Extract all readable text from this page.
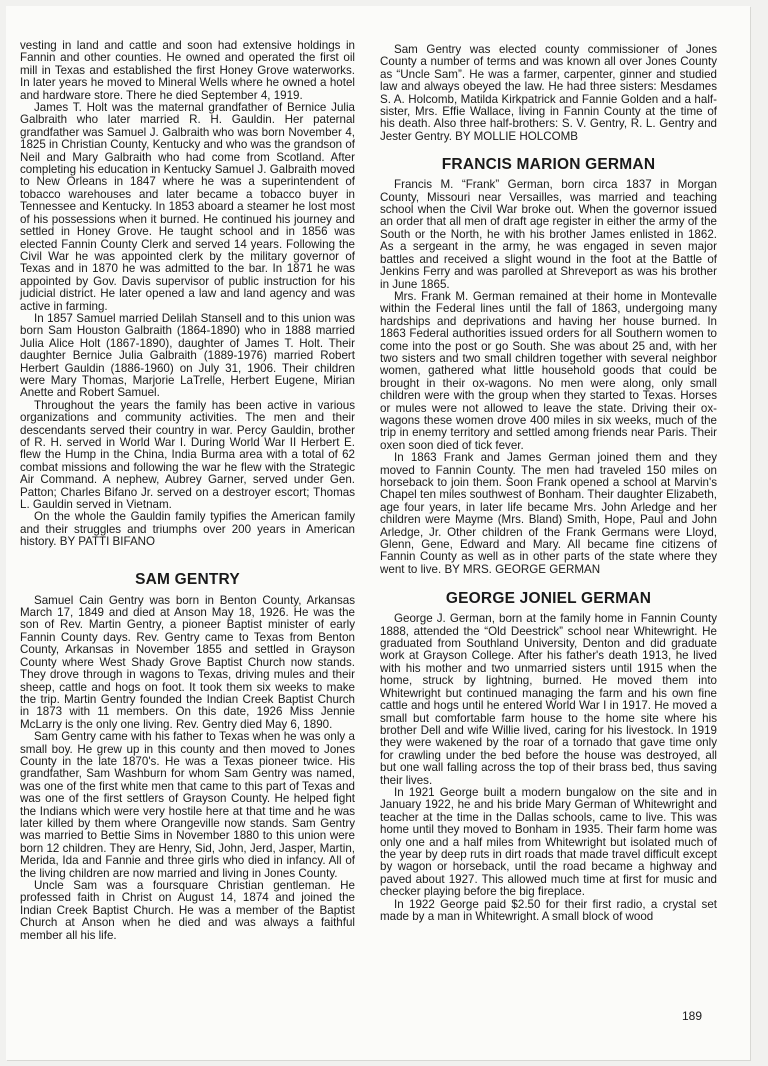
vesting in land and cattle and soon had extensive holdings in Fannin and other counties. He owned and operated the first oil mill in Texas and established the first Honey Grove waterworks. In later years he moved to Mineral Wells where he owned a hotel and hardware store. There he died September 4, 1919.

James T. Holt was the maternal grandfather of Bernice Julia Galbraith who later married R. H. Gauldin. Her paternal grandfather was Samuel J. Galbraith who was born November 4, 1825 in Christian County, Kentucky and who was the grandson of Neil and Mary Galbraith who had come from Scotland. After completing his education in Kentucky Samuel J. Galbraith moved to New Orleans in 1847 where he was a superintendent of tobacco warehouses and later became a tobacco buyer in Tennessee and Kentucky. In 1853 aboard a steamer he lost most of his possessions when it burned. He continued his journey and settled in Honey Grove. He taught school and in 1856 was elected Fannin County Clerk and served 14 years. Following the Civil War he was appointed clerk by the military governor of Texas and in 1870 he was admitted to the bar. In 1871 he was appointed by Gov. Davis supervisor of public instruction for his judicial district. He later opened a law and land agency and was active in farming.

In 1857 Samuel married Delilah Stansell and to this union was born Sam Houston Galbraith (1864-1890) who in 1888 married Julia Alice Holt (1867-1890), daughter of James T. Holt. Their daughter Bernice Julia Galbraith (1889-1976) married Robert Herbert Gauldin (1886-1960) on July 31, 1906. Their children were Mary Thomas, Marjorie LaTrelle, Herbert Eugene, Mirian Anette and Robert Samuel.

Throughout the years the family has been active in various organizations and community activities. The men and their descendants served their country in war. Percy Gauldin, brother of R. H. served in World War I. During World War II Herbert E. flew the Hump in the China, India Burma area with a total of 62 combat missions and following the war he flew with the Strategic Air Command. A nephew, Aubrey Garner, served under Gen. Patton; Charles Bifano Jr. served on a destroyer escort; Thomas L. Gauldin served in Vietnam.

On the whole the Gauldin family typifies the American family and their struggles and triumphs over 200 years in American history. BY PATTI BIFANO

SAM GENTRY

Samuel Cain Gentry was born in Benton County, Arkansas March 17, 1849 and died at Anson May 18, 1926. He was the son of Rev. Martin Gentry, a pioneer Baptist minister of early Fannin County days. Rev. Gentry came to Texas from Benton County, Arkansas in November 1855 and settled in Grayson County where West Shady Grove Baptist Church now stands. They drove through in wagons to Texas, driving mules and their sheep, cattle and hogs on foot. It took them six weeks to make the trip. Martin Gentry founded the Indian Creek Baptist Church in 1873 with 11 members. On this date, 1926 Miss Jennie McLarry is the only one living. Rev. Gentry died May 6, 1890.

Sam Gentry came with his father to Texas when he was only a small boy. He grew up in this county and then moved to Jones County in the late 1870's. He was a Texas pioneer twice. His grandfather, Sam Washburn for whom Sam Gentry was named, was one of the first white men that came to this part of Texas and was one of the first settlers of Grayson County. He helped fight the Indians which were very hostile here at that time and he was later killed by them where Orangeville now stands. Sam Gentry was married to Bettie Sims in November 1880 to this union were born 12 children. They are Henry, Sid, John, Jerd, Jasper, Martin, Merida, Ida and Fannie and three girls who died in infancy. All of the living children are now married and living in Jones County.

Uncle Sam was a foursquare Christian gentleman. He professed faith in Christ on August 14, 1874 and joined the Indian Creek Baptist Church. He was a member of the Baptist Church at Anson when he died and was always a faithful member all his life.

Sam Gentry was elected county commissioner of Jones County a number of terms and was known all over Jones County as “Uncle Sam”. He was a farmer, carpenter, ginner and studied law and always obeyed the law. He had three sisters: Mesdames S. A. Holcomb, Matilda Kirkpatrick and Fannie Golden and a half-sister, Mrs. Effie Wallace, living in Fannin County at the time of his death. Also three half-brothers: S. V. Gentry, R. L. Gentry and Jester Gentry. BY MOLLIE HOLCOMB

FRANCIS MARION GERMAN

Francis M. “Frank” German, born circa 1837 in Morgan County, Missouri near Versailles, was married and teaching school when the Civil War broke out. When the governor issued an order that all men of draft age register in either the army of the South or the North, he with his brother James enlisted in 1862. As a sergeant in the army, he was engaged in seven major battles and received a slight wound in the foot at the Battle of Jenkins Ferry and was parolled at Shreveport as was his brother in June 1865.

Mrs. Frank M. German remained at their home in Montevalle within the Federal lines until the fall of 1863, undergoing many hardships and deprivations and having her house burned. In 1863 Federal authorities issued orders for all Southern women to come into the post or go South. She was about 25 and, with her two sisters and two small children together with several neighbor women, gathered what little household goods that could be brought in their ox-wagons. No men were along, only small children were with the group when they started to Texas. Horses or mules were not allowed to leave the state. Driving their ox-wagons these women drove 400 miles in six weeks, much of the trip in enemy territory and settled among friends near Paris. Their oxen soon died of tick fever.

In 1863 Frank and James German joined them and they moved to Fannin County. The men had traveled 150 miles on horseback to join them. Soon Frank opened a school at Marvin's Chapel ten miles southwest of Bonham. Their daughter Elizabeth, age four years, in later life became Mrs. John Arledge and her children were Mayme (Mrs. Bland) Smith, Hope, Paul and John Arledge, Jr. Other children of the Frank Germans were Lloyd, Glenn, Gene, Edward and Mary. All became fine citizens of Fannin County as well as in other parts of the state where they went to live. BY MRS. GEORGE GERMAN

GEORGE JONIEL GERMAN

George J. German, born at the family home in Fannin County 1888, attended the “Old Deestrick” school near Whitewright. He graduated from Southland University, Denton and did graduate work at Grayson College. After his father's death 1913, he lived with his mother and two unmarried sisters until 1915 when the home, struck by lightning, burned. He moved them into Whitewright but continued managing the farm and his own fine cattle and hogs until he entered World War I in 1917. He moved a small but comfortable farm house to the home site where his brother Dell and wife Willie lived, caring for his livestock. In 1919 they were wakened by the roar of a tornado that gave time only for crawling under the bed before the house was destroyed, all but one wall falling across the top of their brass bed, thus saving their lives.

In 1921 George built a modern bungalow on the site and in January 1922, he and his bride Mary German of Whitewright and teacher at the time in the Dallas schools, came to live. This was home until they moved to Bonham in 1935. Their farm home was only one and a half miles from Whitewright but isolated much of the year by deep ruts in dirt roads that made travel difficult except by wagon or horseback, until the road became a highway and paved about 1927. This allowed much time at first for music and checker playing before the big fireplace.

In 1922 George paid $2.50 for their first radio, a crystal set made by a man in Whitewright. A small block of wood

189
